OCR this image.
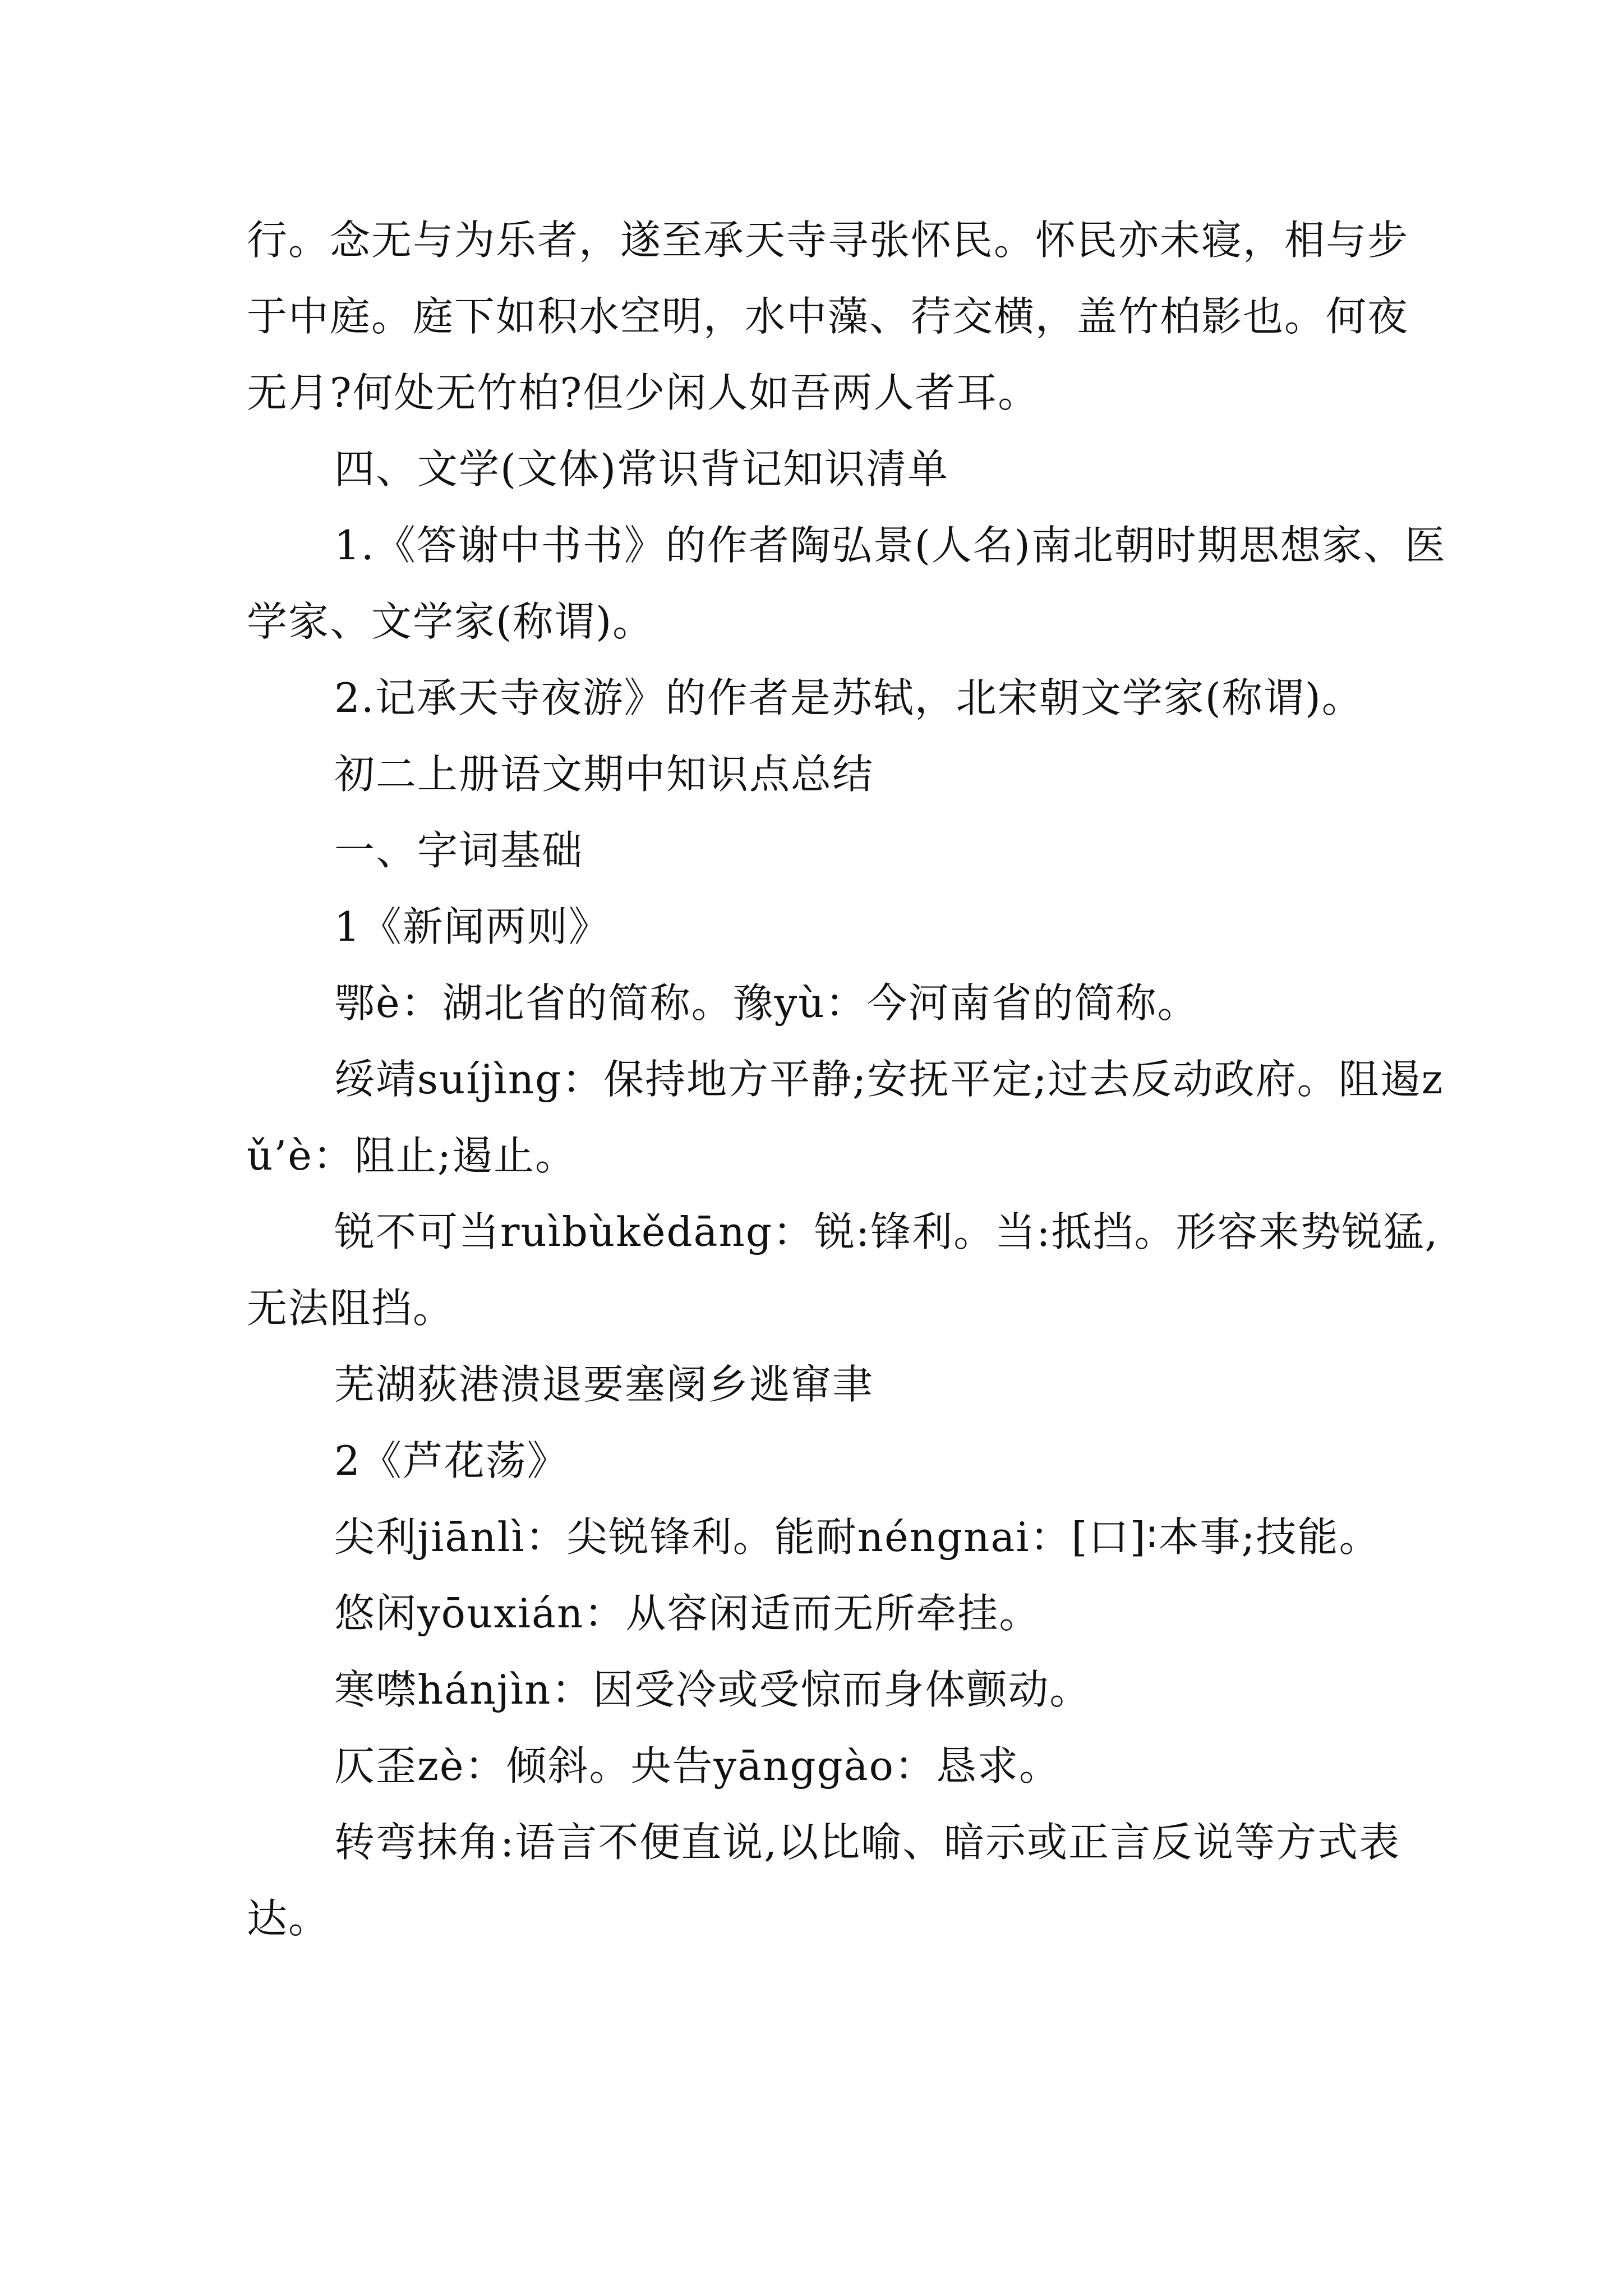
行。念无与为乐者，遂至承天寺寻张怀民。怀民亦未寝，相与步于中庭。庭下如积水空明，水中藻、荇交横，盖竹柏影也。何夜无月?何处无竹柏?但少闲人如吾两人者耳。

四、文学(文体)常识背记知识清单

1.《答谢中书书》的作者陶弘景(人名)南北朝时期思想家、医学家、文学家(称谓)。

2.记承天寺夜游》的作者是苏轼，北宋朝文学家(称谓)。

初二上册语文期中知识点总结

一、字词基础

1《新闻两则》

鄂è：湖北省的简称。豫yù：今河南省的简称。

绥靖suíjìng：保持地方平静;安抚平定;过去反动政府。阻遏zǔ’è：阻止;遏止。

锐不可当ruìbùkědāng：锐:锋利。当:抵挡。形容来势锐猛,无法阻挡。

芜湖荻港溃退要塞阌乡逃窜聿

2《芦花荡》

尖利jiānlì：尖锐锋利。能耐néngnai：[口]∶本事;技能。

悠闲yōuxián：从容闲适而无所牵挂。

寒噤hánjìn：因受冷或受惊而身体颤动。

仄歪zè：倾斜。央告yānggào：恳求。

转弯抹角:语言不便直说,以比喻、暗示或正言反说等方式表达。
